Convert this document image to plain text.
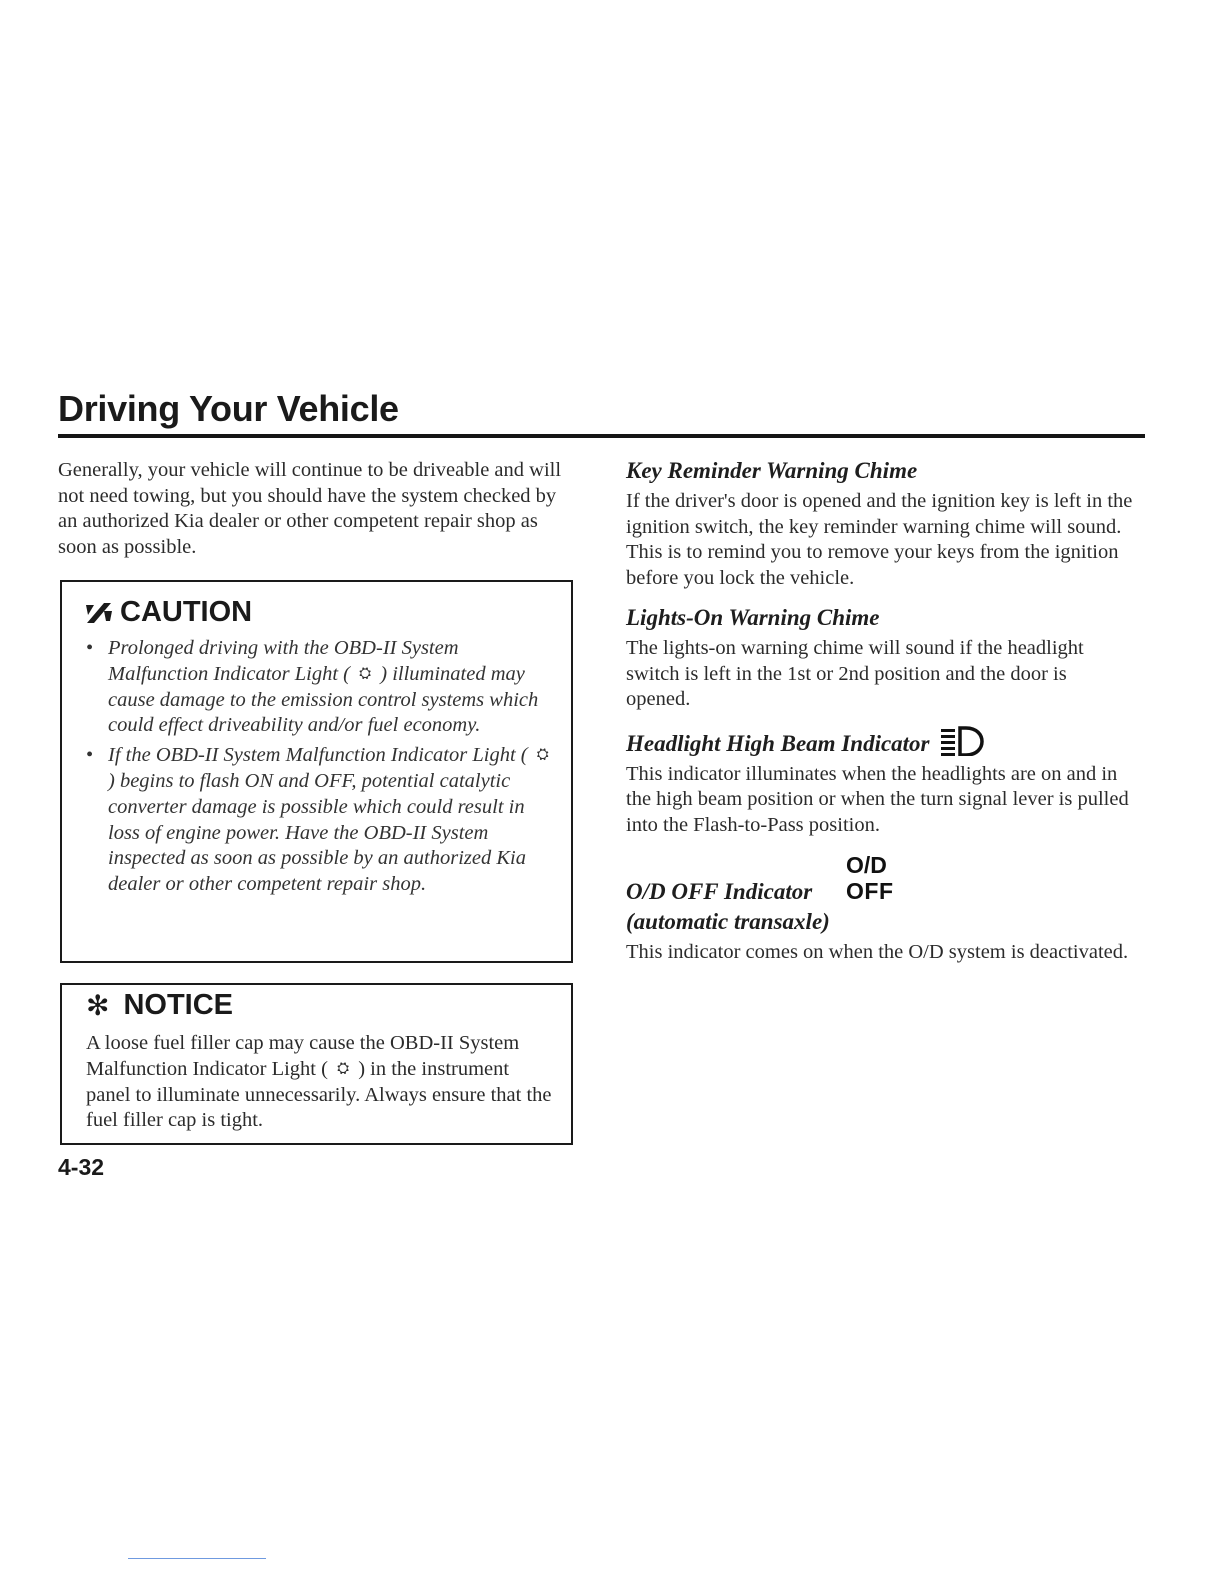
Driving Your Vehicle

Generally, your vehicle will continue to be driveable and will not need towing, but you should have the system checked by an authorized Kia dealer or other competent repair shop as soon as possible.

CAUTION
• Prolonged driving with the OBD-II System Malfunction Indicator Light ( ⛭ ) illuminated may cause damage to the emission control systems which could effect driveability and/or fuel economy.
• If the OBD-II System Malfunction Indicator Light ( ⛭ ) begins to flash ON and OFF, potential catalytic converter damage is possible which could result in loss of engine power. Have the OBD-II System inspected as soon as possible by an authorized Kia dealer or other competent repair shop.
✻ NOTICE

A loose fuel filler cap may cause the OBD-II System Malfunction Indicator Light ( ⛭ ) in the instrument panel to illuminate unnecessarily. Always ensure that the fuel filler cap is tight.

4-32
Key Reminder Warning Chime

If the driver's door is opened and the ignition key is left in the ignition switch, the key reminder warning chime will sound. This is to remind you to remove your keys from the ignition before you lock the vehicle.

Lights-On Warning Chime

The lights-on warning chime will sound if the headlight switch is left in the 1st or 2nd position and the door is opened.

Headlight High Beam Indicator

This indicator illuminates when the headlights are on and in the high beam position or when the turn signal lever is pulled into the Flash-to-Pass position.

O/D
O/D OFF Indicator OFF
(automatic transaxle)

This indicator comes on when the O/D system is deactivated.
